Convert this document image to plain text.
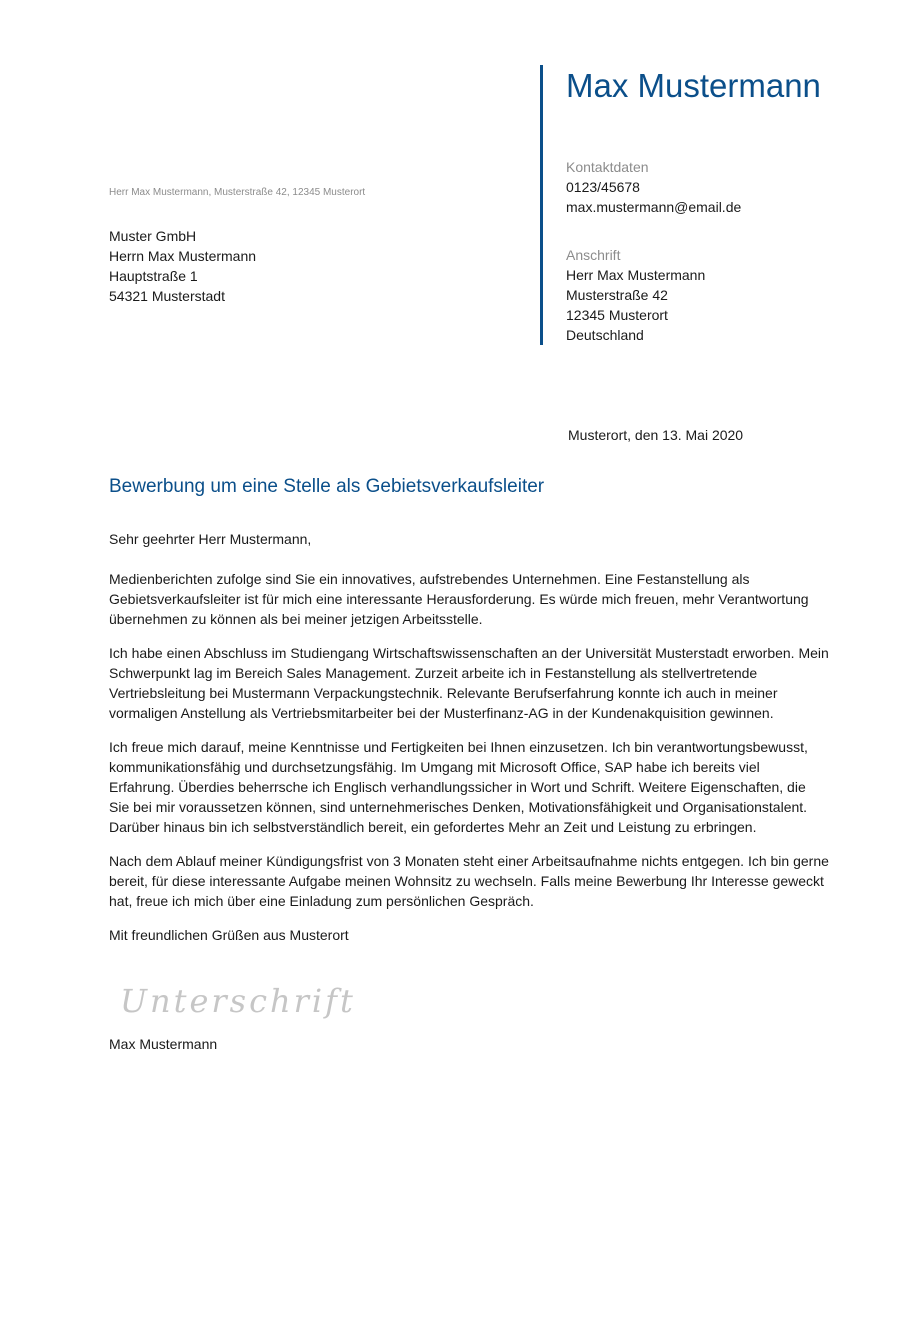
Max Mustermann
Kontaktdaten
0123/45678
max.mustermann@email.de
Anschrift
Herr Max Mustermann
Musterstraße 42
12345 Musterort
Deutschland
Herr Max Mustermann, Musterstraße 42, 12345 Musterort
Muster GmbH
Herrn Max Mustermann
Hauptstraße 1
54321 Musterstadt
Musterort, den 13. Mai 2020
Bewerbung um eine Stelle als Gebietsverkaufsleiter

Sehr geehrter Herr Mustermann,

Medienberichten zufolge sind Sie ein innovatives, aufstrebendes Unternehmen. Eine Festanstellung als Gebietsverkaufsleiter ist für mich eine interessante Herausforderung. Es würde mich freuen, mehr Verantwortung übernehmen zu können als bei meiner jetzigen Arbeitsstelle.

Ich habe einen Abschluss im Studiengang Wirtschaftswissenschaften an der Universität Musterstadt erworben. Mein Schwerpunkt lag im Bereich Sales Management. Zurzeit arbeite ich in Festanstellung als stellvertretende Vertriebsleitung bei Mustermann Verpackungstechnik. Relevante Berufserfahrung konnte ich auch in meiner vormaligen Anstellung als Vertriebsmitarbeiter bei der Musterfinanz-AG in der Kundenakquisition gewinnen.

Ich freue mich darauf, meine Kenntnisse und Fertigkeiten bei Ihnen einzusetzen. Ich bin verantwortungsbewusst, kommunikationsfähig und durchsetzungsfähig. Im Umgang mit Microsoft Office, SAP habe ich bereits viel Erfahrung. Überdies beherrsche ich Englisch verhandlungssicher in Wort und Schrift. Weitere Eigenschaften, die Sie bei mir voraussetzen können, sind unternehmerisches Denken, Motivationsfähigkeit und Organisationstalent. Darüber hinaus bin ich selbstverständlich bereit, ein gefordertes Mehr an Zeit und Leistung zu erbringen.

Nach dem Ablauf meiner Kündigungsfrist von 3 Monaten steht einer Arbeitsaufnahme nichts entgegen. Ich bin gerne bereit, für diese interessante Aufgabe meinen Wohnsitz zu wechseln. Falls meine Bewerbung Ihr Interesse geweckt hat, freue ich mich über eine Einladung zum persönlichen Gespräch.

Mit freundlichen Grüßen aus Musterort

Unterschrift
Max Mustermann
